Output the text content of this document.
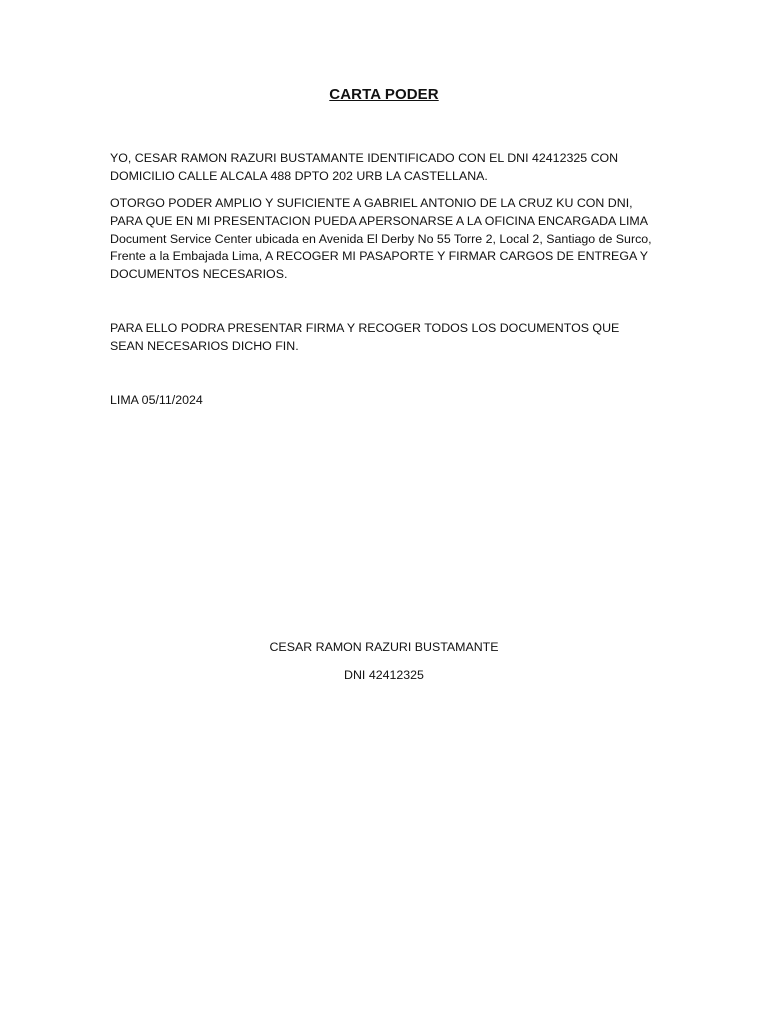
CARTA PODER

YO, CESAR RAMON RAZURI BUSTAMANTE IDENTIFICADO CON EL DNI 42412325 CON DOMICILIO CALLE ALCALA 488 DPTO 202 URB LA CASTELLANA.

OTORGO PODER AMPLIO Y SUFICIENTE A GABRIEL ANTONIO DE LA CRUZ KU CON DNI, PARA QUE EN MI PRESENTACION PUEDA APERSONARSE A LA OFICINA ENCARGADA LIMA Document Service Center ubicada en Avenida El Derby No 55 Torre 2, Local 2, Santiago de Surco, Frente a la Embajada Lima, A RECOGER MI PASAPORTE Y FIRMAR CARGOS DE ENTREGA Y DOCUMENTOS NECESARIOS.

PARA ELLO PODRA PRESENTAR FIRMA Y RECOGER TODOS LOS DOCUMENTOS QUE SEAN NECESARIOS DICHO FIN.

LIMA 05/11/2024

CESAR RAMON RAZURI BUSTAMANTE
DNI 42412325
